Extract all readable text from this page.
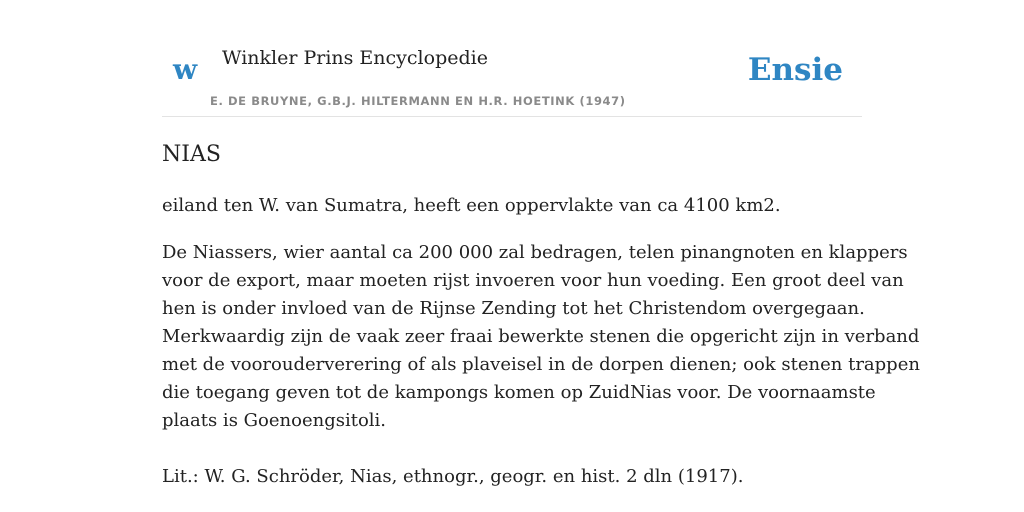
w Winkler Prins Encyclopedie
E. DE BRUYNE, G.B.J. HILTERMANN EN H.R. HOETINK (1947)
Ensie
NIAS

eiland ten W. van Sumatra, heeft een oppervlakte van ca 4100 km2.

De Niassers, wier aantal ca 200 000 zal bedragen, telen pinangnoten en klappers
voor de export, maar moeten rijst invoeren voor hun voeding. Een groot deel van
hen is onder invloed van de Rijnse Zending tot het Christendom overgegaan.
Merkwaardig zijn de vaak zeer fraai bewerkte stenen die opgericht zijn in verband
met de voorouderverering of als plaveisel in de dorpen dienen; ook stenen trappen
die toegang geven tot de kampongs komen op ZuidNias voor. De voornaamste
plaats is Goenoengsitoli.

Lit.: W. G. Schröder, Nias, ethnogr., geogr. en hist. 2 dln (1917).
